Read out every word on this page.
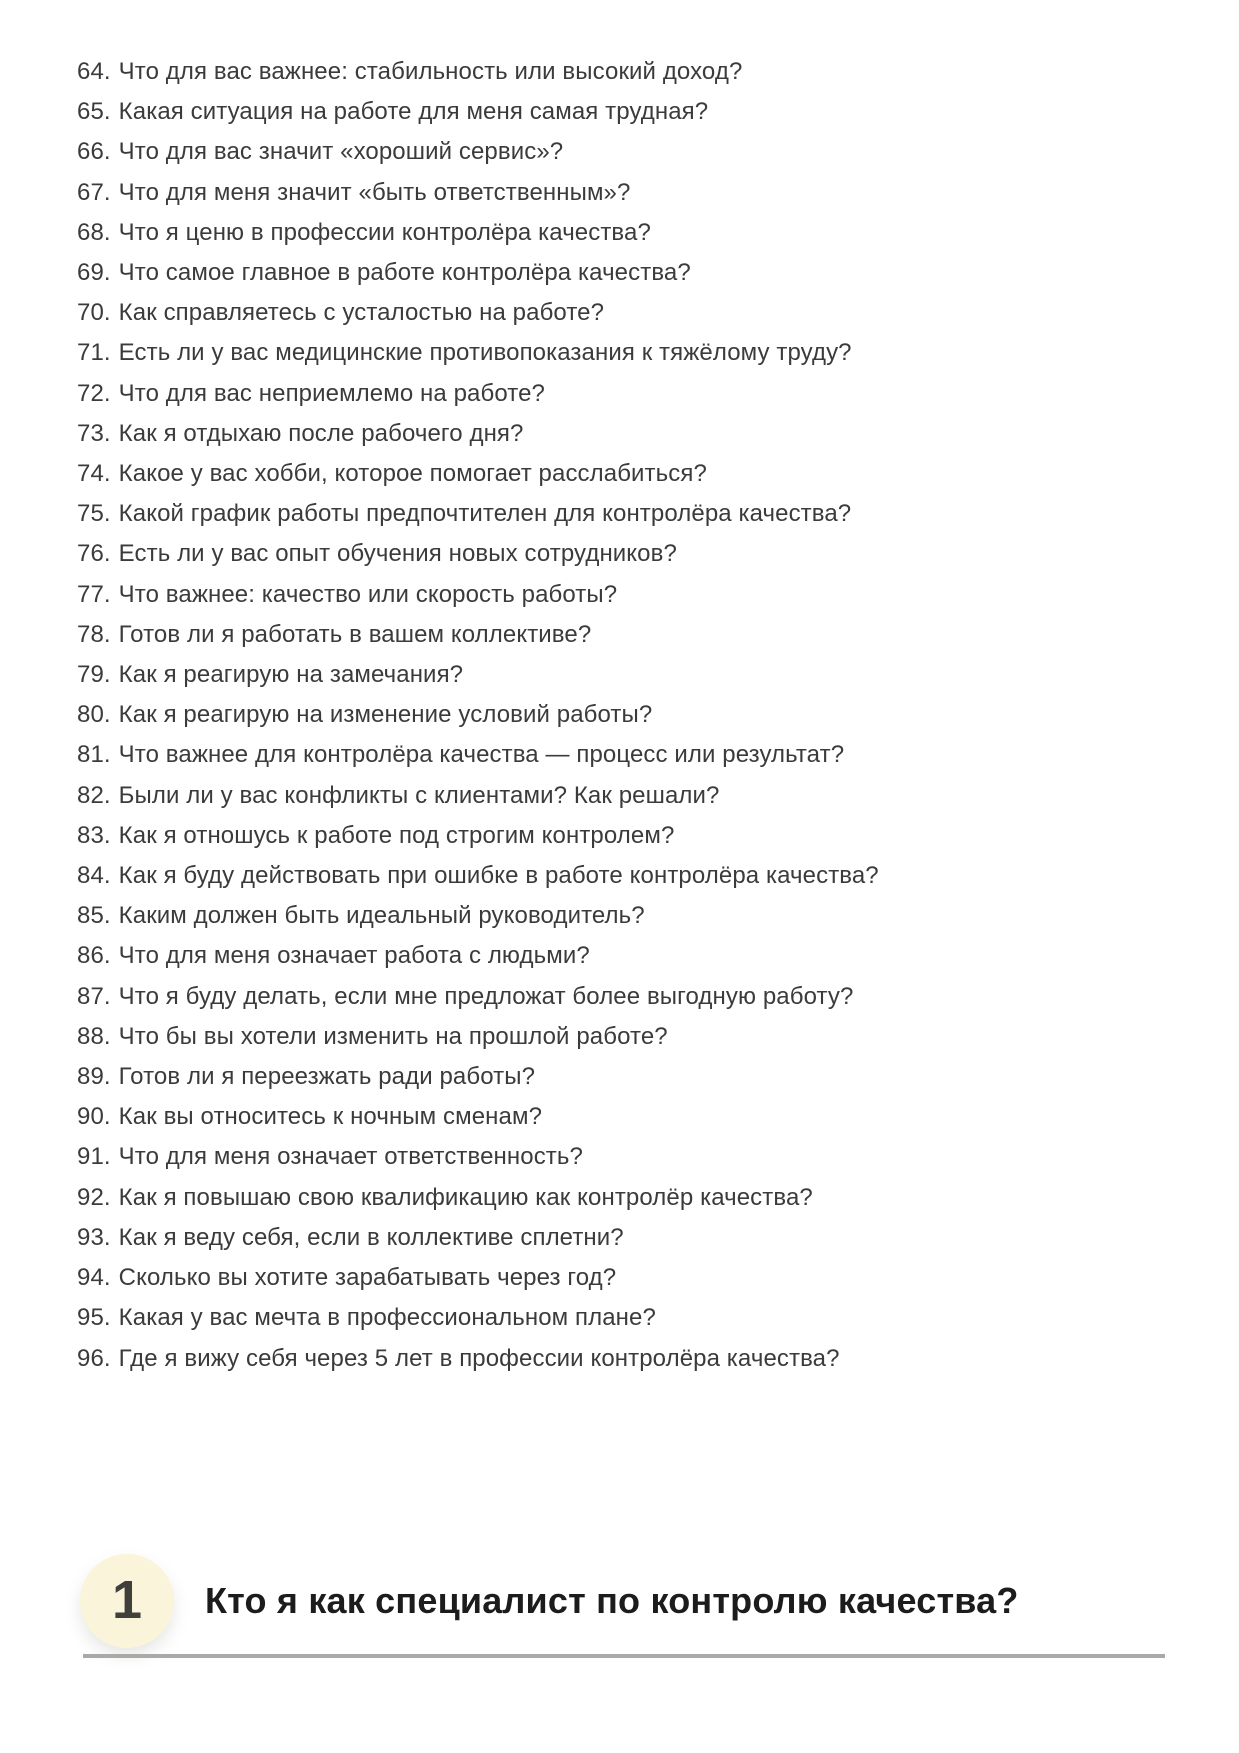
64. Что для вас важнее: стабильность или высокий доход?
65. Какая ситуация на работе для меня самая трудная?
66. Что для вас значит «хороший сервис»?
67. Что для меня значит «быть ответственным»?
68. Что я ценю в профессии контролёра качества?
69. Что самое главное в работе контролёра качества?
70. Как справляетесь с усталостью на работе?
71. Есть ли у вас медицинские противопоказания к тяжёлому труду?
72. Что для вас неприемлемо на работе?
73. Как я отдыхаю после рабочего дня?
74. Какое у вас хобби, которое помогает расслабиться?
75. Какой график работы предпочтителен для контролёра качества?
76. Есть ли у вас опыт обучения новых сотрудников?
77. Что важнее: качество или скорость работы?
78. Готов ли я работать в вашем коллективе?
79. Как я реагирую на замечания?
80. Как я реагирую на изменение условий работы?
81. Что важнее для контролёра качества — процесс или результат?
82. Были ли у вас конфликты с клиентами? Как решали?
83. Как я отношусь к работе под строгим контролем?
84. Как я буду действовать при ошибке в работе контролёра качества?
85. Каким должен быть идеальный руководитель?
86. Что для меня означает работа с людьми?
87. Что я буду делать, если мне предложат более выгодную работу?
88. Что бы вы хотели изменить на прошлой работе?
89. Готов ли я переезжать ради работы?
90. Как вы относитесь к ночным сменам?
91. Что для меня означает ответственность?
92. Как я повышаю свою квалификацию как контролёр качества?
93. Как я веду себя, если в коллективе сплетни?
94. Сколько вы хотите зарабатывать через год?
95. Какая у вас мечта в профессиональном плане?
96. Где я вижу себя через 5 лет в профессии контролёра качества?
1 Кто я как специалист по контролю качества?
